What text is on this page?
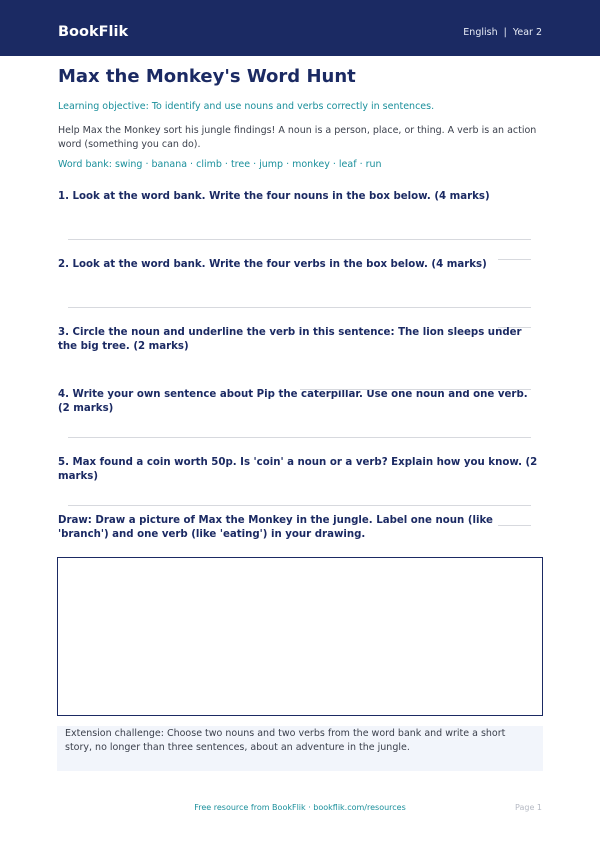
BookFlik	English | Year 2
Max the Monkey's Word Hunt
Learning objective: To identify and use nouns and verbs correctly in sentences.
Help Max the Monkey sort his jungle findings! A noun is a person, place, or thing. A verb is an action word (something you can do).
Word bank: swing · banana · climb · tree · jump · monkey · leaf · run
1. Look at the word bank. Write the four nouns in the box below. (4 marks)
2. Look at the word bank. Write the four verbs in the box below. (4 marks)
3. Circle the noun and underline the verb in this sentence: The lion sleeps under the big tree. (2 marks)
4. Write your own sentence about Pip the caterpillar. Use one noun and one verb. (2 marks)
5. Max found a coin worth 50p. Is 'coin' a noun or a verb? Explain how you know. (2 marks)
Draw: Draw a picture of Max the Monkey in the jungle. Label one noun (like 'branch') and one verb (like 'eating') in your drawing.
Extension challenge: Choose two nouns and two verbs from the word bank and write a short story, no longer than three sentences, about an adventure in the jungle.
Free resource from BookFlik · bookflik.com/resources	Page 1
